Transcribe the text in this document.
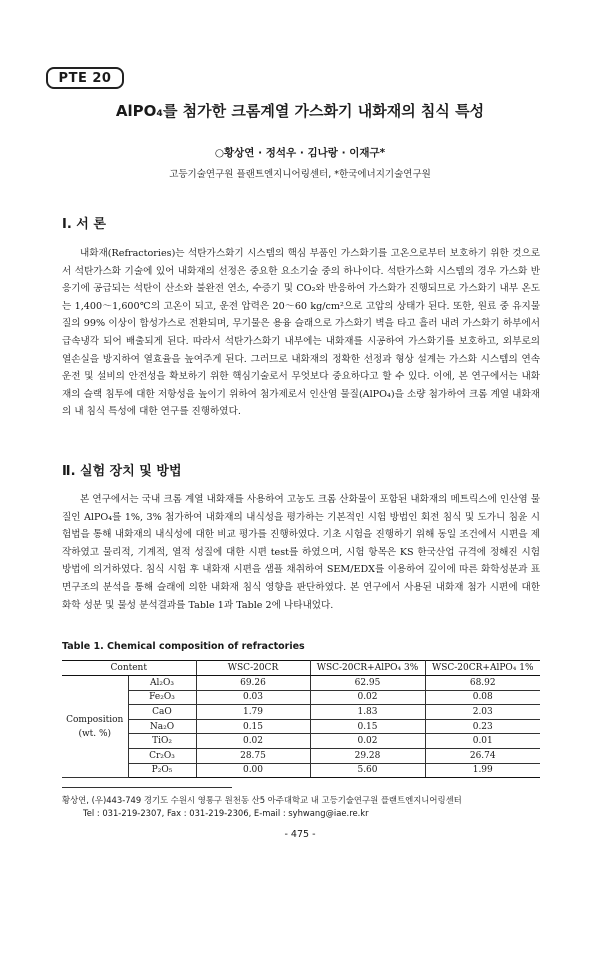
PTE 20
AlPO₄를 첨가한 크롬계열 가스화기 내화재의 침식 특성
○황상연 · 정석우 · 김나랑 · 이재구*
고등기술연구원 플랜트엔지니어링센터, *한국에너지기술연구원
Ⅰ. 서 론

내화재(Refractories)는 석탄가스화기 시스템의 핵심 부품인 가스화기를 고온으로부터 보호하기 위한 것으로서 석탄가스화 기술에 있어 내화재의 선정은 중요한 요소기술 중의 하나이다. 석탄가스화 시스템의 경우 가스화 반응기에 공급되는 석탄이 산소와 불완전 연소, 수증기 및 CO₂와 반응하여 가스화가 진행되므로 가스화기 내부 온도는 1,400～1,600℃의 고온이 되고, 운전 압력은 20～60 kg/cm²으로 고압의 상태가 된다. 또한, 원료 중 유지물질의 99% 이상이 합성가스로 전환되며, 무기물은 용융 슬래으로 가스화기 벽을 타고 흘러 내려 가스화기 하부에서 급속냉각 되어 배출되게 된다. 따라서 석탄가스화기 내부에는 내화재를 시공하여 가스화기를 보호하고, 외부로의 열손실을 방지하여 열효율을 높여주게 된다. 그러므로 내화재의 정확한 선정과 형상 설계는 가스화 시스템의 연속운전 및 설비의 안전성을 확보하기 위한 핵심기술로서 무엇보다 중요하다고 할 수 있다. 이에, 본 연구에서는 내화재의 슬랙 침투에 대한 저항성을 높이기 위하여 첨가제로서 인산염 물질(AlPO₄)을 소량 첨가하여 크롬 계열 내화재의 내 침식 특성에 대한 연구를 진행하였다.

Ⅱ. 실험 장치 및 방법

본 연구에서는 국내 크롬 계열 내화재를 사용하여 고농도 크롬 산화물이 포함된 내화재의 메트릭스에 인산염 물질인 AlPO₄를 1%, 3% 첨가하여 내화재의 내식성을 평가하는 기본적인 시험 방법인 회전 침식 및 도가니 침윤 시험법을 통해 내화재의 내식성에 대한 비교 평가를 진행하였다. 기초 시험을 진행하기 위해 동일 조건에서 시편을 제작하였고 물리적, 기계적, 열적 성질에 대한 시편 test를 하였으며, 시험 항목은 KS 한국산업 규격에 정해진 시험 방법에 의거하였다. 침식 시험 후 내화재 시편을 샘플 채취하여 SEM/EDX를 이용하여 깊이에 따른 화학성분과 표면구조의 분석을 통해 슬래에 의한 내화재 침식 영향을 판단하였다. 본 연구에서 사용된 내화재 첨가 시편에 대한 화학 성분 및 물성 분석결과를 Table 1과 Table 2에 나타내었다.

Table 1. Chemical composition of refractories
Content		WSC-20CR	WSC-20CR+AlPO₄ 3%	WSC-20CR+AlPO₄ 1%
Composition
(wt. %)	Al₂O₃	69.26	62.95	68.92
	Fe₂O₃	0.03	0.02	0.08
	CaO	1.79	1.83	2.03
	Na₂O	0.15	0.15	0.23
	TiO₂	0.02	0.02	0.01
	Cr₂O₃	28.75	29.28	26.74
	P₂O₅	0.00	5.60	1.99
황상연, (우)443-749 경기도 수원시 영통구 원천동 산5 아주대학교 내 고등기술연구원 플랜트엔지니어링센터
Tel : 031-219-2307, Fax : 031-219-2306, E-mail : syhwang@iae.re.kr
- 475 -
